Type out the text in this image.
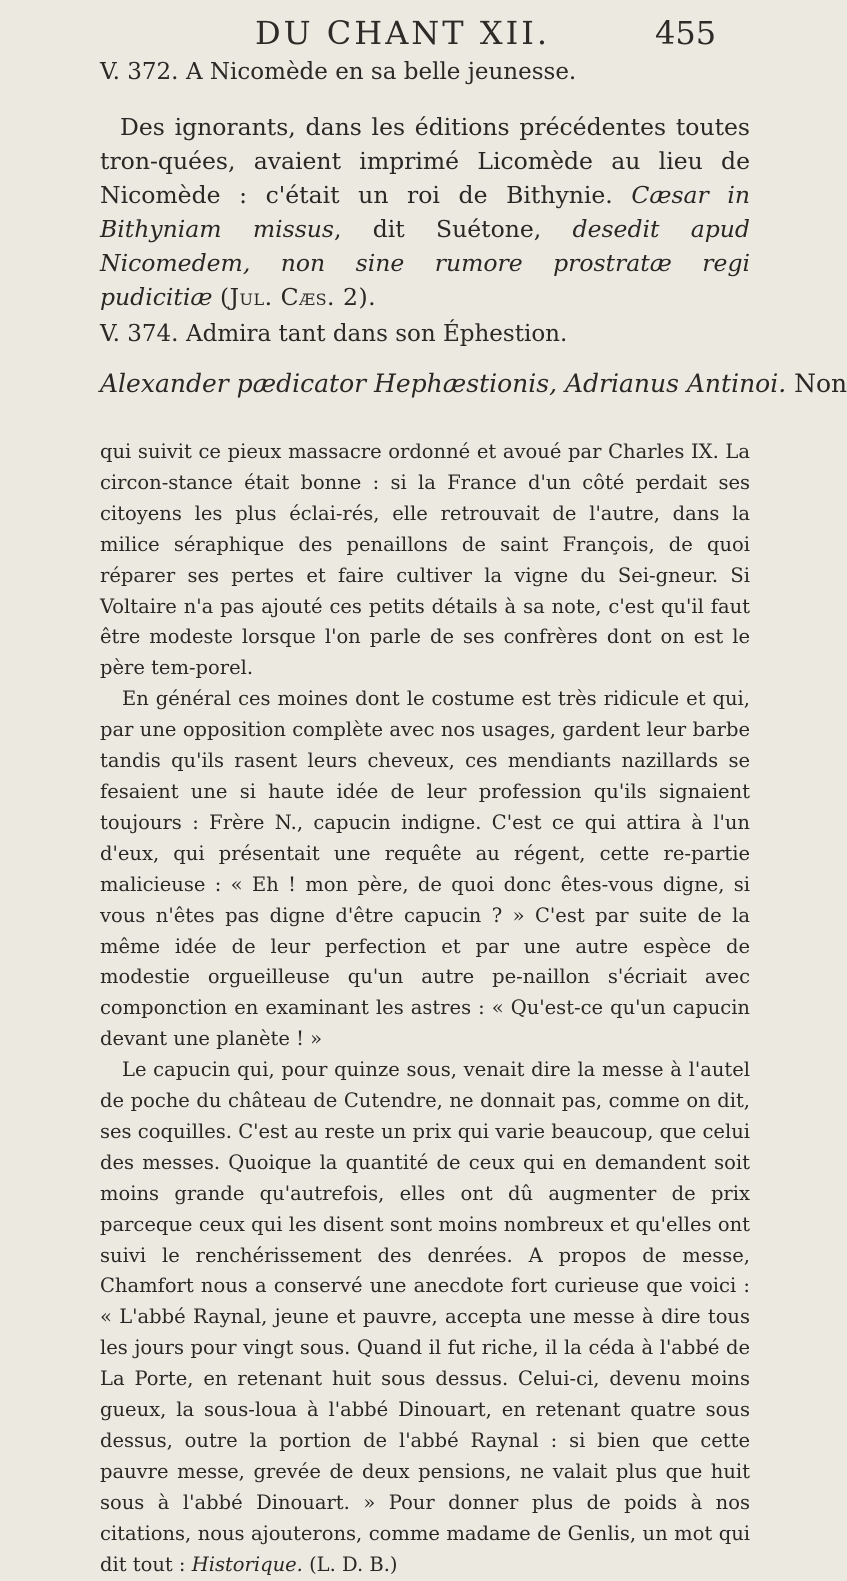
DU CHANT XII.	455
V. 372. A Nicomède en sa belle jeunesse.

Des ignorants, dans les éditions précédentes toutes tron-quées, avaient imprimé Licomède au lieu de Nicomède : c'était un roi de Bithynie. Cæsar in Bithyniam missus, dit Suétone, desedit apud Nicomedem, non sine rumore prostratæ regi pudicitiæ (Jul. Cæs. 2).

V. 374. Admira tant dans son Éphestion.

Alexander pædicator Hephæstionis, Adrianus Antinoi. Non

qui suivit ce pieux massacre ordonné et avoué par Charles IX. La circon-stance était bonne : si la France d'un côté perdait ses citoyens les plus éclai-rés, elle retrouvait de l'autre, dans la milice séraphique des penaillons de saint François, de quoi réparer ses pertes et faire cultiver la vigne du Sei-gneur. Si Voltaire n'a pas ajouté ces petits détails à sa note, c'est qu'il faut être modeste lorsque l'on parle de ses confrères dont on est le père tem-porel.

En général ces moines dont le costume est très ridicule et qui, par une opposition complète avec nos usages, gardent leur barbe tandis qu'ils rasent leurs cheveux, ces mendiants nazillards se fesaient une si haute idée de leur profession qu'ils signaient toujours : Frère N., capucin indigne. C'est ce qui attira à l'un d'eux, qui présentait une requête au régent, cette re-partie malicieuse : « Eh ! mon père, de quoi donc êtes-vous digne, si vous n'êtes pas digne d'être capucin ? » C'est par suite de la même idée de leur perfection et par une autre espèce de modestie orgueilleuse qu'un autre pe-naillon s'écriait avec componction en examinant les astres : « Qu'est-ce qu'un capucin devant une planète ! »

Le capucin qui, pour quinze sous, venait dire la messe à l'autel de poche du château de Cutendre, ne donnait pas, comme on dit, ses coquilles. C'est au reste un prix qui varie beaucoup, que celui des messes. Quoique la quantité de ceux qui en demandent soit moins grande qu'autrefois, elles ont dû augmenter de prix parceque ceux qui les disent sont moins nombreux et qu'elles ont suivi le renchérissement des denrées. A propos de messe, Chamfort nous a conservé une anecdote fort curieuse que voici : « L'abbé Raynal, jeune et pauvre, accepta une messe à dire tous les jours pour vingt sous. Quand il fut riche, il la céda à l'abbé de La Porte, en retenant huit sous dessus. Celui-ci, devenu moins gueux, la sous-loua à l'abbé Dinouart, en retenant quatre sous dessus, outre la portion de l'abbé Raynal : si bien que cette pauvre messe, grevée de deux pensions, ne valait plus que huit sous à l'abbé Dinouart. » Pour donner plus de poids à nos citations, nous ajouterons, comme madame de Genlis, un mot qui dit tout : Historique. (L. D. B.)
